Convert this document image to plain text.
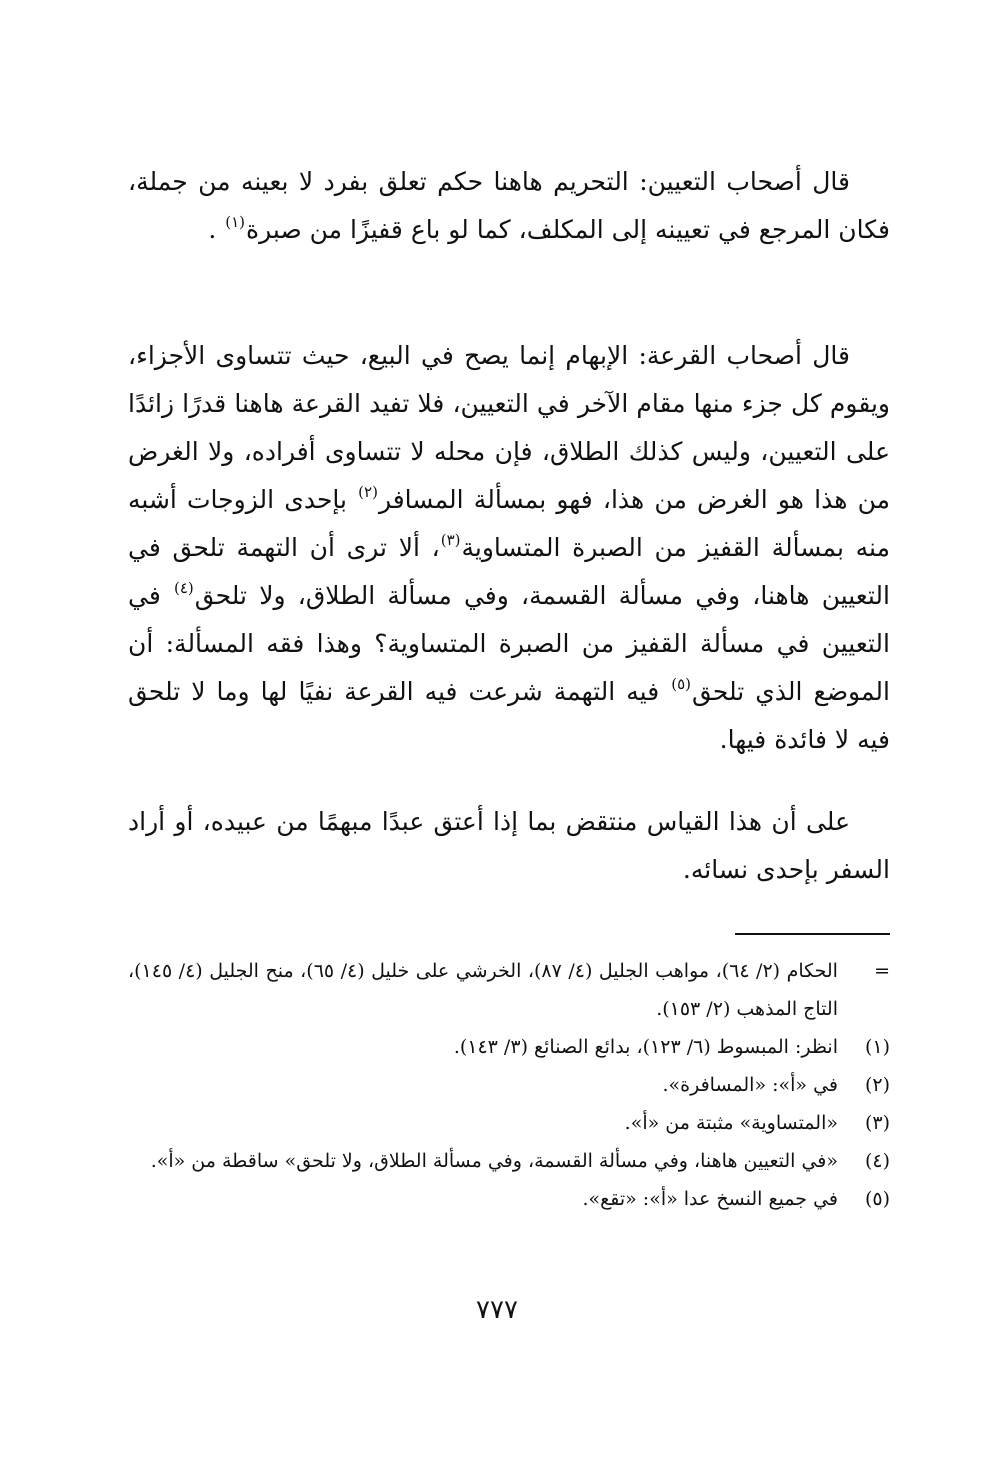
قال أصحاب التعيين: التحريم هاهنا حكم تعلق بفرد لا بعينه من جملة، فكان المرجع في تعيينه إلى المكلف، كما لو باع قفيزًا من صبرة$^{(١)}$ .

قال أصحاب القرعة: الإبهام إنما يصح في البيع، حيث تتساوى الأجزاء، ويقوم كل جزء منها مقام الآخر في التعيين، فلا تفيد القرعة هاهنا قدرًا زائدًا على التعيين، وليس كذلك الطلاق، فإن محله لا تتساوى أفراده، ولا الغرض من هذا هو الغرض من هذا، فهو بمسألة المسافر$^{(٢)}$ بإحدى الزوجات أشبه منه بمسألة القفيز من الصبرة المتساوية$^{(٣)}$، ألا ترى أن التهمة تلحق في التعيين هاهنا، وفي مسألة القسمة، وفي مسألة الطلاق، ولا تلحق$^{(٤)}$ في التعيين في مسألة القفيز من الصبرة المتساوية؟ وهذا فقه المسألة: أن الموضع الذي تلحق$^{(٥)}$ فيه التهمة شرعت فيه القرعة نفيًا لها وما لا تلحق فيه لا فائدة فيها.

على أن هذا القياس منتقض بما إذا أعتق عبدًا مبهمًا من عبيده، أو أراد السفر بإحدى نسائه.

=
الحكام (٢/ ٦٤)، مواهب الجليل (٤/ ٨٧)، الخرشي على خليل (٤/ ٦٥)، منح الجليل (٤/ ١٤٥)، التاج المذهب (٢/ ١٥٣).
(١)
انظر: المبسوط (٦/ ١٢٣)، بدائع الصنائع (٣/ ١٤٣).
(٢)
في «أ»: «المسافرة».
(٣)
«المتساوية» مثبتة من «أ».
(٤)
«في التعيين هاهنا، وفي مسألة القسمة، وفي مسألة الطلاق، ولا تلحق» ساقطة من «أ».
(٥)
في جميع النسخ عدا «أ»: «تقع».
٧٧٧
